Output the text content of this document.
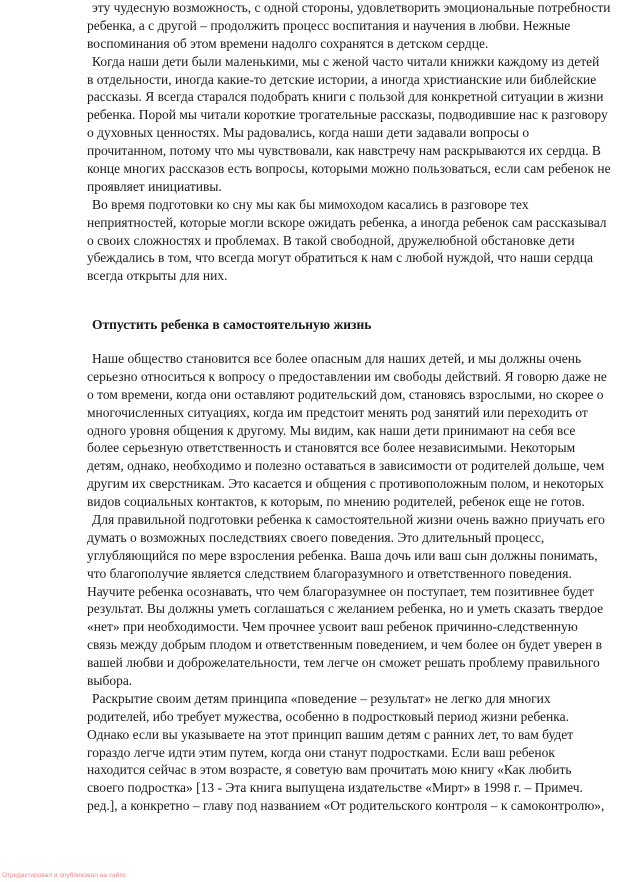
эту чудесную возможность, с одной стороны, удовлетворить эмоциональные потребности
ребенка, а с другой – продолжить процесс воспитания и научения в любви. Нежные
воспоминания об этом времени надолго сохранятся в детском сердце.
Когда наши дети были маленькими, мы с женой часто читали книжки каждому из детей
в отдельности, иногда какие-то детские истории, а иногда христианские или библейские
рассказы. Я всегда старался подобрать книги с пользой для конкретной ситуации в жизни
ребенка. Порой мы читали короткие трогательные рассказы, подводившие нас к разговору
о духовных ценностях. Мы радовались, когда наши дети задавали вопросы о
прочитанном, потому что мы чувствовали, как навстречу нам раскрываются их сердца. В
конце многих рассказов есть вопросы, которыми можно пользоваться, если сам ребенок не
проявляет инициативы.
Во время подготовки ко сну мы как бы мимоходом касались в разговоре тех
неприятностей, которые могли вскоре ожидать ребенка, а иногда ребенок сам рассказывал
о своих сложностях и проблемах. В такой свободной, дружелюбной обстановке дети
убеждались в том, что всегда могут обратиться к нам с любой нуждой, что наши сердца
всегда открыты для них.
Отпустить ребенка в самостоятельную жизнь
Наше общество становится все более опасным для наших детей, и мы должны очень
серьезно относиться к вопросу о предоставлении им свободы действий. Я говорю даже не
о том времени, когда они оставляют родительский дом, становясь взрослыми, но скорее о
многочисленных ситуациях, когда им предстоит менять род занятий или переходить от
одного уровня общения к другому. Мы видим, как наши дети принимают на себя все
более серьезную ответственность и становятся все более независимыми. Некоторым
детям, однако, необходимо и полезно оставаться в зависимости от родителей дольше, чем
другим их сверстникам. Это касается и общения с противоположным полом, и некоторых
видов социальных контактов, к которым, по мнению родителей, ребенок еще не готов.
Для правильной подготовки ребенка к самостоятельной жизни очень важно приучать его
думать о возможных последствиях своего поведения. Это длительный процесс,
углубляющийся по мере взросления ребенка. Ваша дочь или ваш сын должны понимать,
что благополучие является следствием благоразумного и ответственного поведения.
Научите ребенка осознавать, что чем благоразумнее он поступает, тем позитивнее будет
результат. Вы должны уметь соглашаться с желанием ребенка, но и уметь сказать твердое
«нет» при необходимости. Чем прочнее усвоит ваш ребенок причинно-следственную
связь между добрым плодом и ответственным поведением, и чем более он будет уверен в
вашей любви и доброжелательности, тем легче он сможет решать проблему правильного
выбора.
Раскрытие своим детям принципа «поведение – результат» не легко для многих
родителей, ибо требует мужества, особенно в подростковый период жизни ребенка.
Однако если вы указываете на этот принцип вашим детям с ранних лет, то вам будет
гораздо легче идти этим путем, когда они станут подростками. Если ваш ребенок
находится сейчас в этом возрасте, я советую вам прочитать мою книгу «Как любить
своего подростка» [13 - Эта книга выпущена издательстве «Мирт» в 1998 г. – Примеч.
ред.], а конкретно – главу под названием «От родительского контроля – к самоконтролю»,
Отредактировал и опубликовал на сайте
